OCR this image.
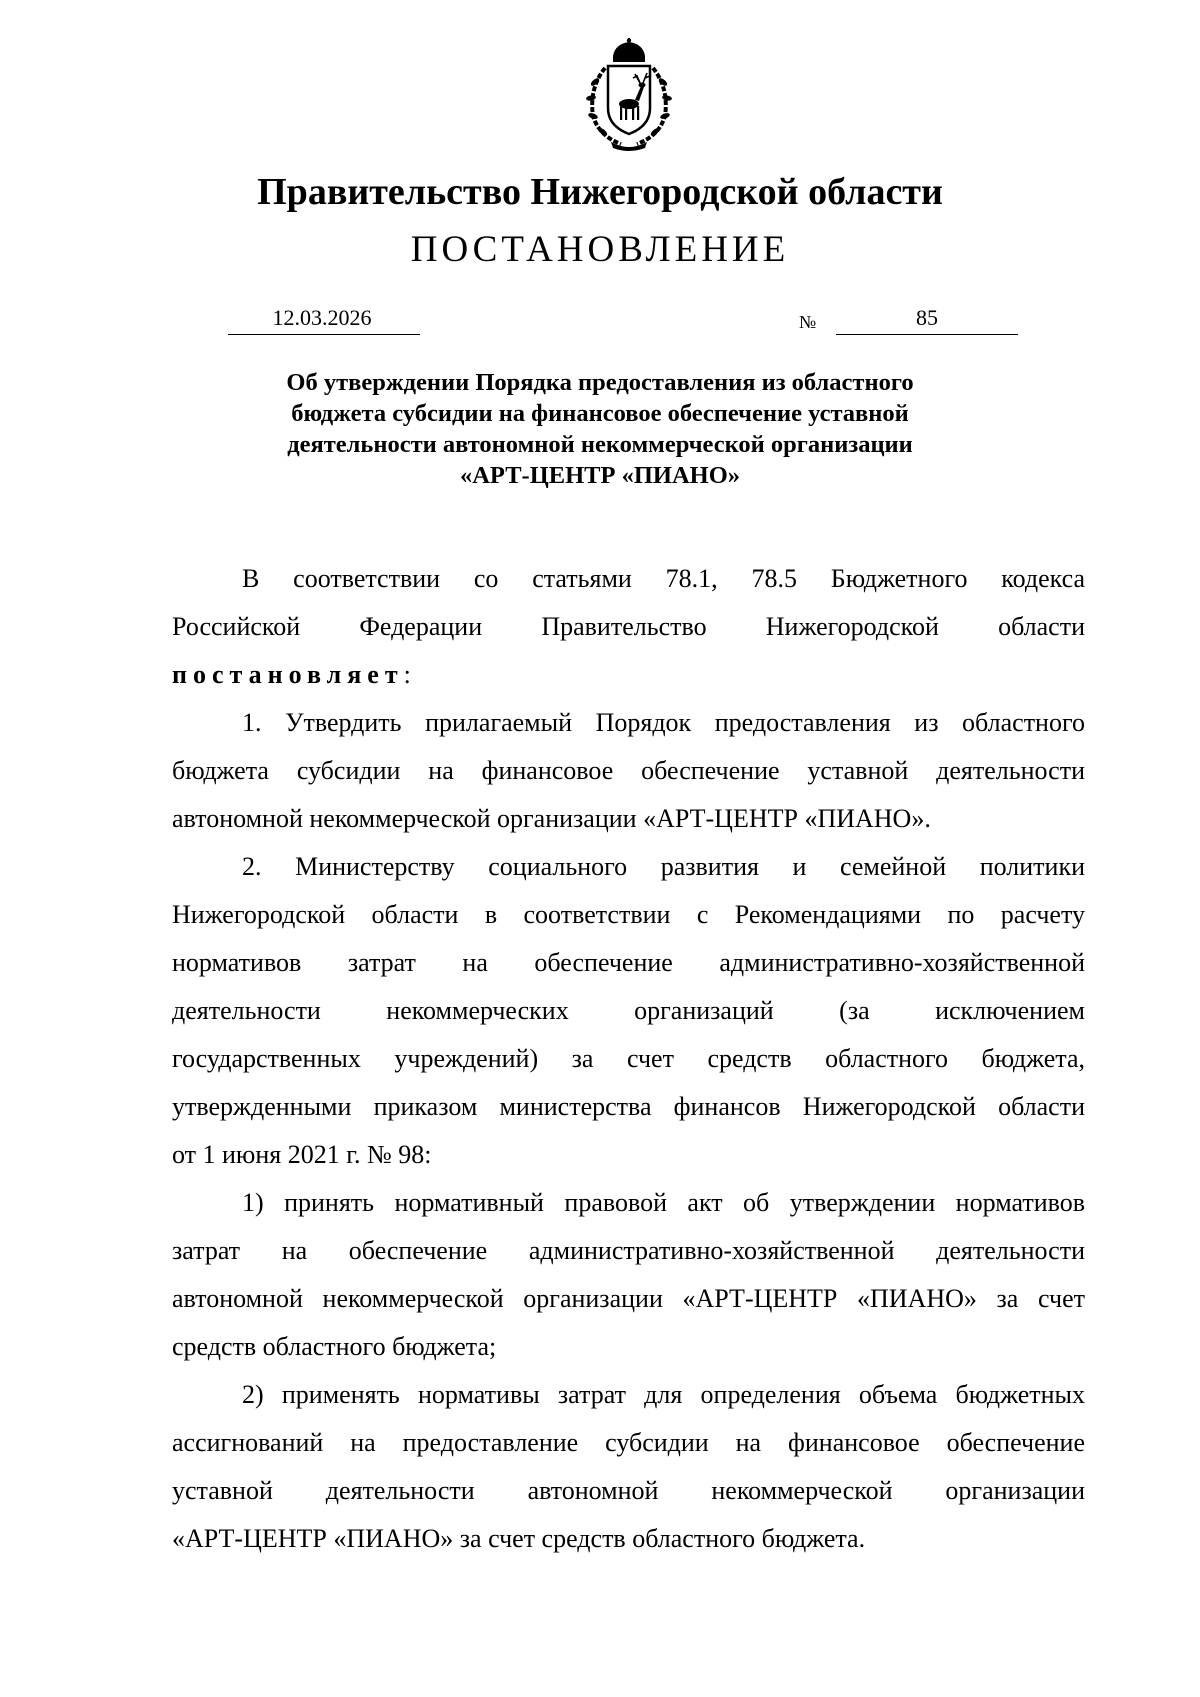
Правительство Нижегородской области
ПОСТАНОВЛЕНИЕ
12.03.2026	№	85
Об утверждении Порядка предоставления из областного
бюджета субсидии на финансовое обеспечение уставной
деятельности автономной некоммерческой организации
«АРТ-ЦЕНТР «ПИАНО»
В соответствии со статьями 78.1, 78.5 Бюджетного кодекса
Российской Федерации Правительство Нижегородской области
постановляет:
1. Утвердить прилагаемый Порядок предоставления из областного
бюджета субсидии на финансовое обеспечение уставной деятельности
автономной некоммерческой организации «АРТ-ЦЕНТР «ПИАНО».
2. Министерству социального развития и семейной политики
Нижегородской области в соответствии с Рекомендациями по расчету
нормативов затрат на обеспечение административно-хозяйственной
деятельности некоммерческих организаций (за исключением
государственных учреждений) за счет средств областного бюджета,
утвержденными приказом министерства финансов Нижегородской области
от 1 июня 2021 г. № 98:
1) принять нормативный правовой акт об утверждении нормативов
затрат на обеспечение административно-хозяйственной деятельности
автономной некоммерческой организации «АРТ-ЦЕНТР «ПИАНО» за счет
средств областного бюджета;
2) применять нормативы затрат для определения объема бюджетных
ассигнований на предоставление субсидии на финансовое обеспечение
уставной деятельности автономной некоммерческой организации
«АРТ-ЦЕНТР «ПИАНО» за счет средств областного бюджета.
